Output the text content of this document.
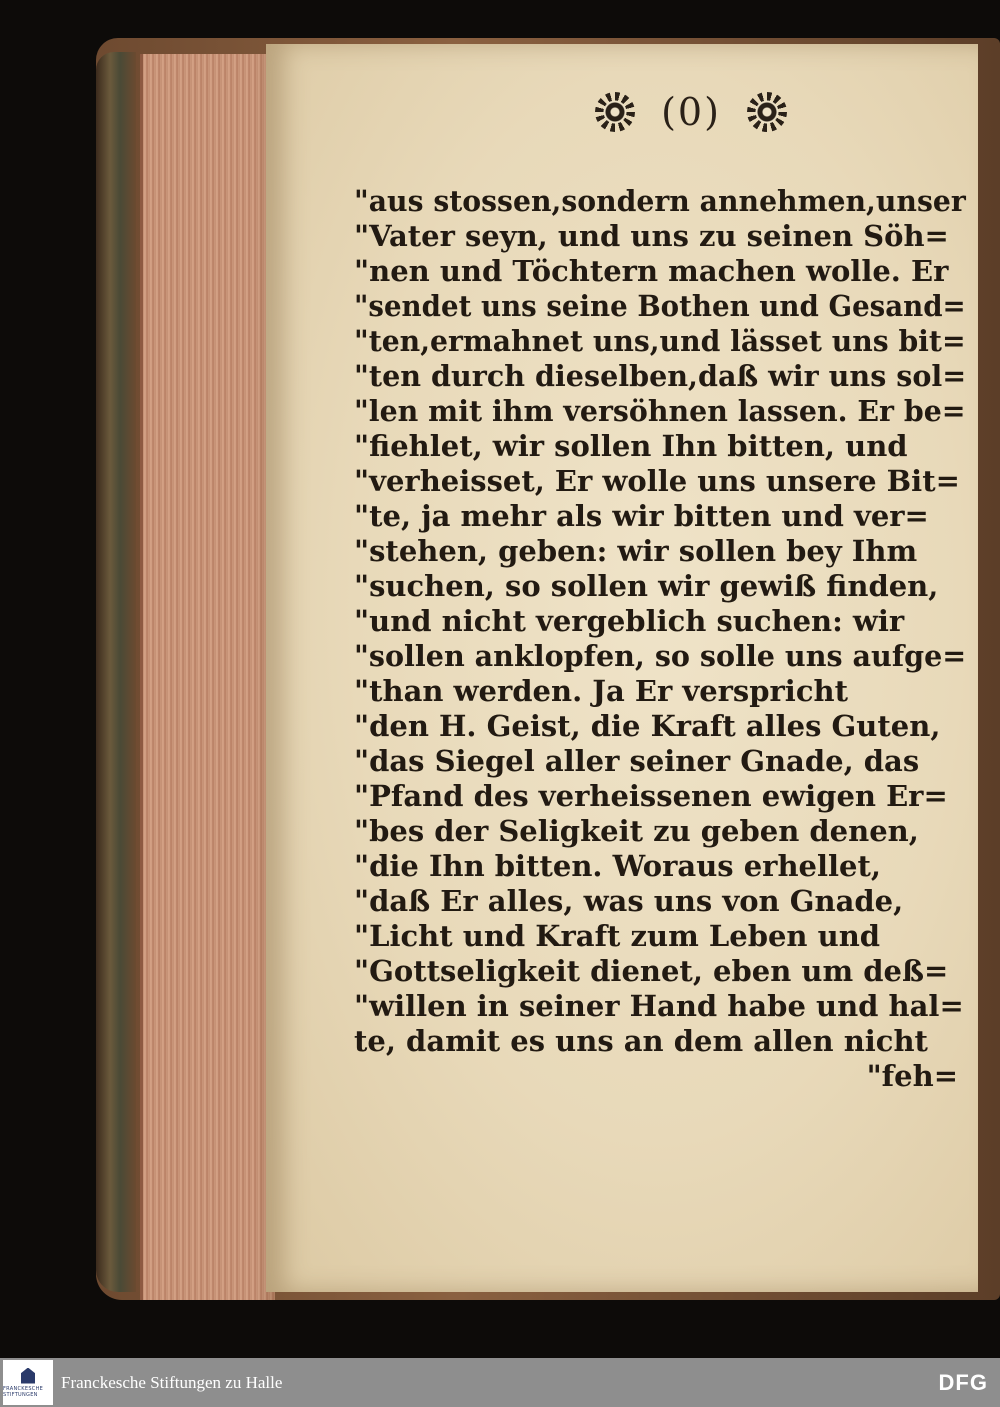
(0)
"aus stossen,sondern annehmen,unser
"Vater seyn, und uns zu seinen Söh=
"nen und Töchtern machen wolle. Er
"sendet uns seine Bothen und Gesand=
"ten,ermahnet uns,und lässet uns bit=
"ten durch dieselben,daß wir uns sol=
"len mit ihm versöhnen lassen. Er be=
"fiehlet, wir sollen Ihn bitten, und
"verheisset, Er wolle uns unsere Bit=
"te, ja mehr als wir bitten und ver=
"stehen, geben: wir sollen bey Ihm
"suchen, so sollen wir gewiß finden,
"und nicht vergeblich suchen: wir
"sollen anklopfen, so solle uns aufge=
"than werden. Ja Er verspricht
"den H. Geist, die Kraft alles Guten,
"das Siegel aller seiner Gnade, das
"Pfand des verheissenen ewigen Er=
"bes der Seligkeit zu geben denen,
"die Ihn bitten. Woraus erhellet,
"daß Er alles, was uns von Gnade,
"Licht und Kraft zum Leben und
"Gottseligkeit dienet, eben um deß=
"willen in seiner Hand habe und hal=
te, damit es uns an dem allen nicht
"feh=
FRANCKESCHE STIFTUNGEN
Franckesche Stiftungen zu Halle	DFG
